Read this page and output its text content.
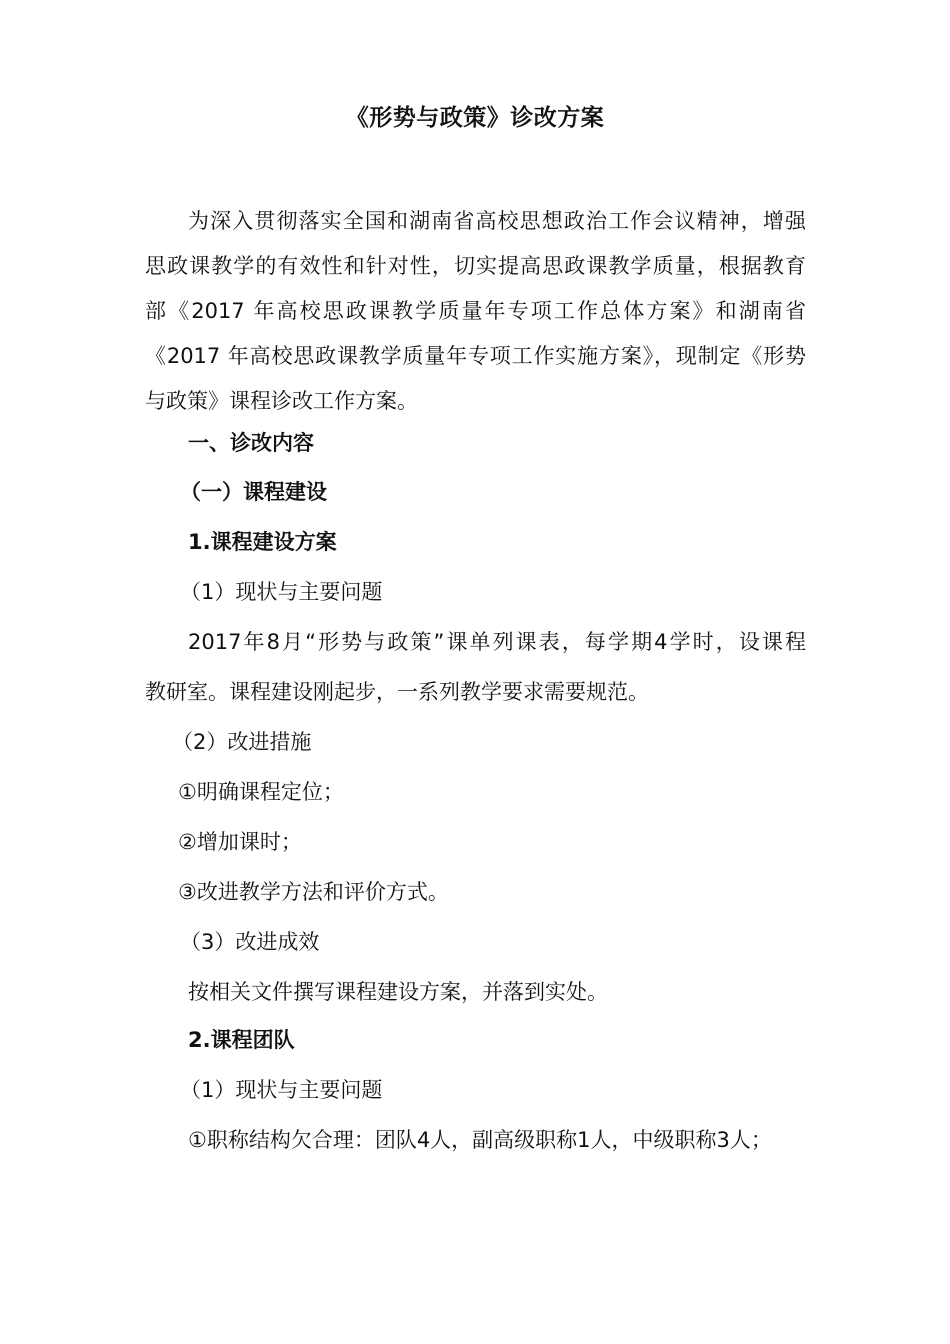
《形势与政策》诊改方案
为深入贯彻落实全国和湖南省高校思想政治工作会议精神，增强
思政课教学的有效性和针对性，切实提高思政课教学质量，根据教育
部《2017 年高校思政课教学质量年专项工作总体方案》和湖南省
《2017 年高校思政课教学质量年专项工作实施方案》，现制定《形势
与政策》课程诊改工作方案。
一、诊改内容
（一）课程建设
1.课程建设方案
（1）现状与主要问题
2017年8月“形势与政策”课单列课表，每学期4学时，设课程
教研室。课程建设刚起步，一系列教学要求需要规范。
（2）改进措施
①明确课程定位；
②增加课时；
③改进教学方法和评价方式。
（3）改进成效
按相关文件撰写课程建设方案，并落到实处。
2.课程团队
（1）现状与主要问题
①职称结构欠合理：团队4人，副高级职称1人，中级职称3人；
